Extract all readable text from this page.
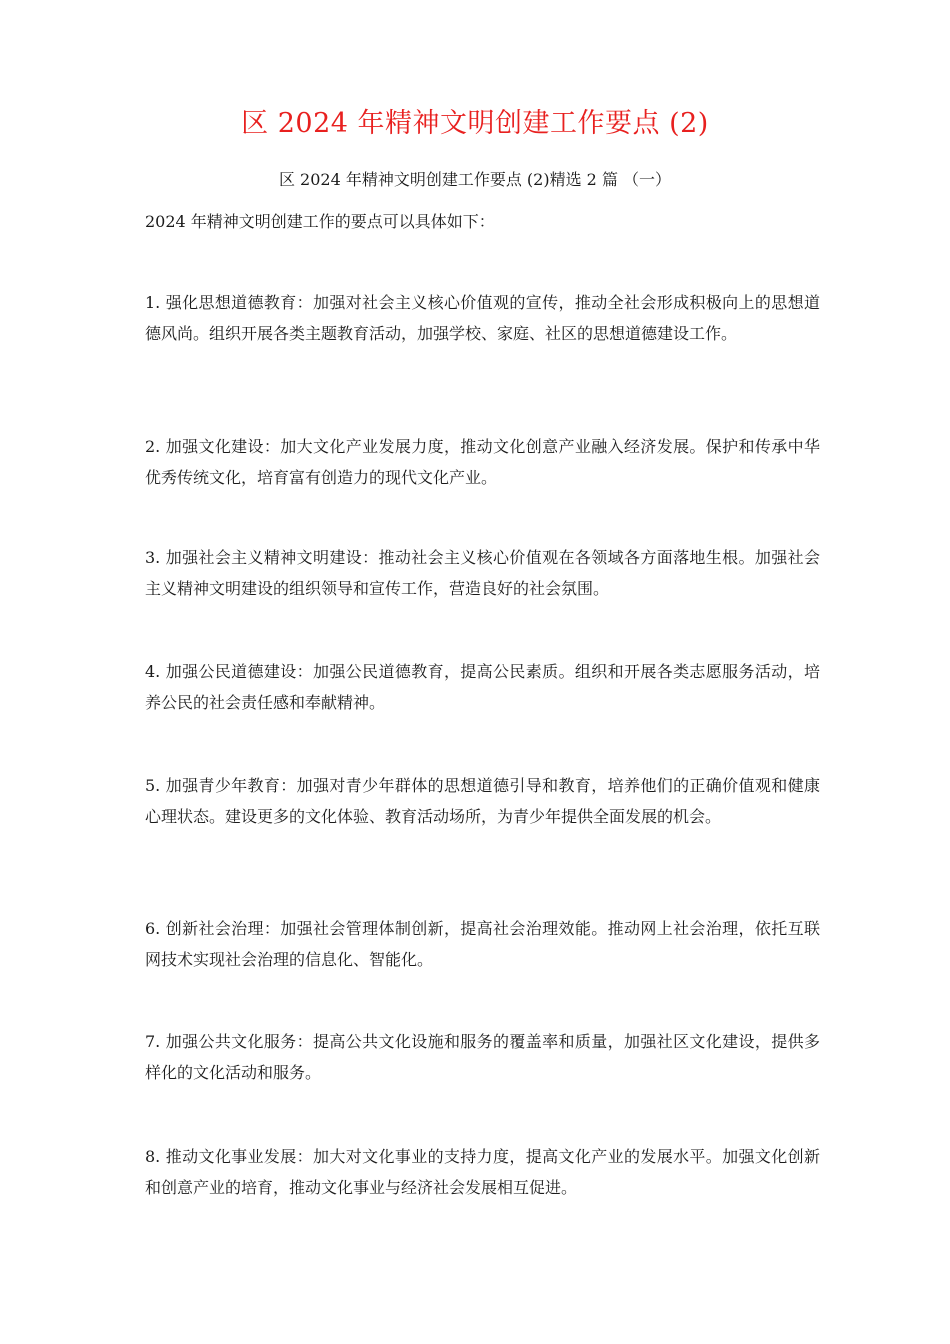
区 2024 年精神文明创建工作要点 (2)
区 2024 年精神文明创建工作要点 (2)精选 2 篇 （一）
2024 年精神文明创建工作的要点可以具体如下：
1. 强化思想道德教育：加强对社会主义核心价值观的宣传，推动全社会形成积极向上的思想道德风尚。组织开展各类主题教育活动，加强学校、家庭、社区的思想道德建设工作。
2. 加强文化建设：加大文化产业发展力度，推动文化创意产业融入经济发展。保护和传承中华优秀传统文化，培育富有创造力的现代文化产业。
3. 加强社会主义精神文明建设：推动社会主义核心价值观在各领域各方面落地生根。加强社会主义精神文明建设的组织领导和宣传工作，营造良好的社会氛围。
4. 加强公民道德建设：加强公民道德教育，提高公民素质。组织和开展各类志愿服务活动，培养公民的社会责任感和奉献精神。
5. 加强青少年教育：加强对青少年群体的思想道德引导和教育，培养他们的正确价值观和健康心理状态。建设更多的文化体验、教育活动场所，为青少年提供全面发展的机会。
6. 创新社会治理：加强社会管理体制创新，提高社会治理效能。推动网上社会治理，依托互联网技术实现社会治理的信息化、智能化。
7. 加强公共文化服务：提高公共文化设施和服务的覆盖率和质量，加强社区文化建设，提供多样化的文化活动和服务。
8. 推动文化事业发展：加大对文化事业的支持力度，提高文化产业的发展水平。加强文化创新和创意产业的培育，推动文化事业与经济社会发展相互促进。
